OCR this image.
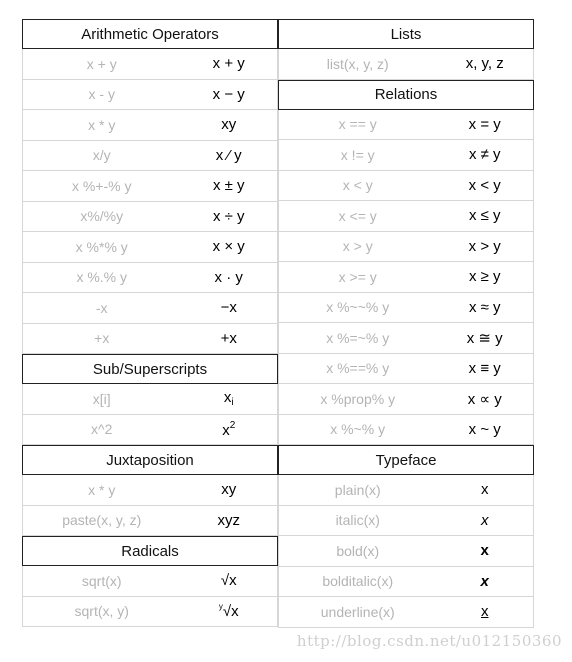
Arithmetic Operators
x + y	x + y
x - y	x − y
x * y	xy
x/y	x ⁄ y
x %+-% y	x ± y
x%/%y	x ÷ y
x %*% y	x × y
x %.% y	x · y
-x	−x
+x	+x
Sub/Superscripts
x[i]	$x_i$
x^2	$x^2$
Juxtaposition
x * y	xy
paste(x, y, z)	xyz
Radicals
sqrt(x)	√x
sqrt(x, y)	$^y$√x
Lists
list(x, y, z)	x, y, z
Relations
x == y	x = y
x != y	x ≠ y
x < y	x < y
x <= y	x ≤ y
x > y	x > y
x >= y	x ≥ y
x %~~% y	x ≈ y
x %=~% y	x ≅ y
x %==% y	x ≡ y
x %prop% y	x ∝ y
x %~% y	x ~ y
Typeface
plain(x)	x
italic(x)	x
bold(x)	x
bolditalic(x)	x
underline(x)	x
http://blog.csdn.net/u012150360
